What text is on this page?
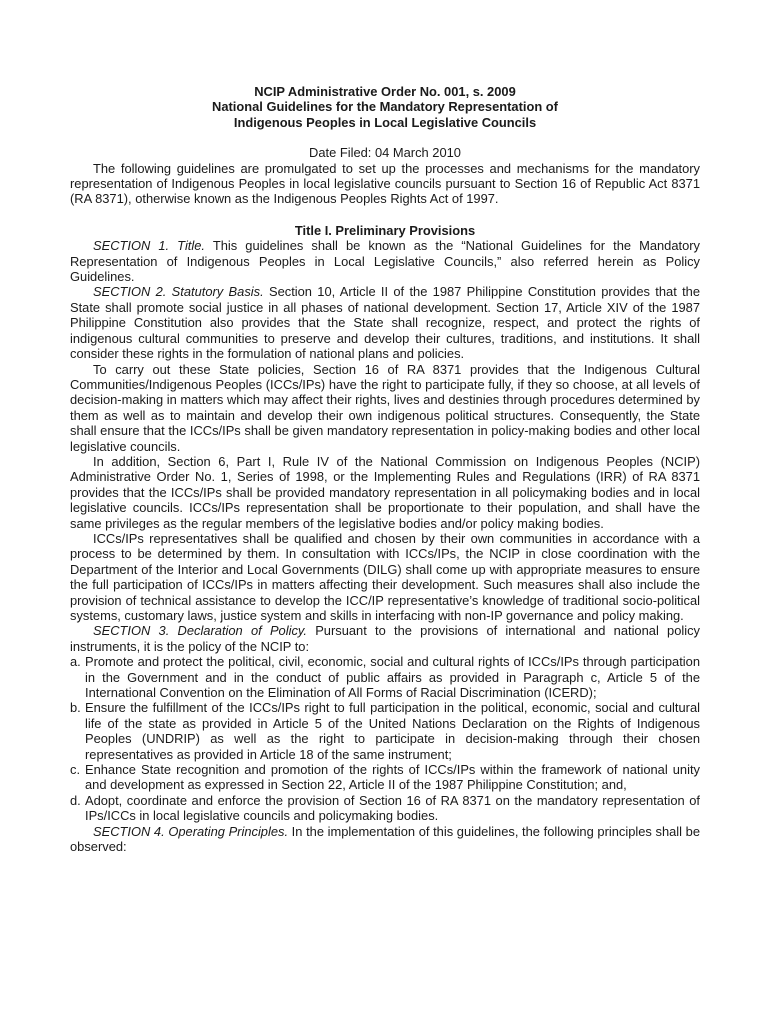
NCIP Administrative Order No. 001, s. 2009
National Guidelines for the Mandatory Representation of
Indigenous Peoples in Local Legislative Councils
Date Filed: 04 March 2010

The following guidelines are promulgated to set up the processes and mechanisms for the mandatory representation of Indigenous Peoples in local legislative councils pursuant to Section 16 of Republic Act 8371 (RA 8371), otherwise known as the Indigenous Peoples Rights Act of 1997.

Title I. Preliminary Provisions

SECTION 1. Title. This guidelines shall be known as the “National Guidelines for the Mandatory Representation of Indigenous Peoples in Local Legislative Councils,” also referred herein as Policy Guidelines.

SECTION 2. Statutory Basis. Section 10, Article II of the 1987 Philippine Constitution provides that the State shall promote social justice in all phases of national development. Section 17, Article XIV of the 1987 Philippine Constitution also provides that the State shall recognize, respect, and protect the rights of indigenous cultural communities to preserve and develop their cultures, traditions, and institutions. It shall consider these rights in the formulation of national plans and policies.

To carry out these State policies, Section 16 of RA 8371 provides that the Indigenous Cultural Communities/Indigenous Peoples (ICCs/IPs) have the right to participate fully, if they so choose, at all levels of decision-making in matters which may affect their rights, lives and destinies through procedures determined by them as well as to maintain and develop their own indigenous political structures. Consequently, the State shall ensure that the ICCs/IPs shall be given mandatory representation in policy-making bodies and other local legislative councils.

In addition, Section 6, Part I, Rule IV of the National Commission on Indigenous Peoples (NCIP) Administrative Order No. 1, Series of 1998, or the Implementing Rules and Regulations (IRR) of RA 8371 provides that the ICCs/IPs shall be provided mandatory representation in all policymaking bodies and in local legislative councils. ICCs/IPs representation shall be proportionate to their population, and shall have the same privileges as the regular members of the legislative bodies and/or policy making bodies.

ICCs/IPs representatives shall be qualified and chosen by their own communities in accordance with a process to be determined by them. In consultation with ICCs/IPs, the NCIP in close coordination with the Department of the Interior and Local Governments (DILG) shall come up with appropriate measures to ensure the full participation of ICCs/IPs in matters affecting their development. Such measures shall also include the provision of technical assistance to develop the ICC/IP representative’s knowledge of traditional socio-political systems, customary laws, justice system and skills in interfacing with non-IP governance and policy making.

SECTION 3. Declaration of Policy. Pursuant to the provisions of international and national policy instruments, it is the policy of the NCIP to:

a. Promote and protect the political, civil, economic, social and cultural rights of ICCs/IPs through participation in the Government and in the conduct of public affairs as provided in Paragraph c, Article 5 of the International Convention on the Elimination of All Forms of Racial Discrimination (ICERD);
b. Ensure the fulfillment of the ICCs/IPs right to full participation in the political, economic, social and cultural life of the state as provided in Article 5 of the United Nations Declaration on the Rights of Indigenous Peoples (UNDRIP) as well as the right to participate in decision-making through their chosen representatives as provided in Article 18 of the same instrument;
c. Enhance State recognition and promotion of the rights of ICCs/IPs within the framework of national unity and development as expressed in Section 22, Article II of the 1987 Philippine Constitution; and,
d. Adopt, coordinate and enforce the provision of Section 16 of RA 8371 on the mandatory representation of IPs/ICCs in local legislative councils and policymaking bodies.

SECTION 4. Operating Principles. In the implementation of this guidelines, the following principles shall be observed:
